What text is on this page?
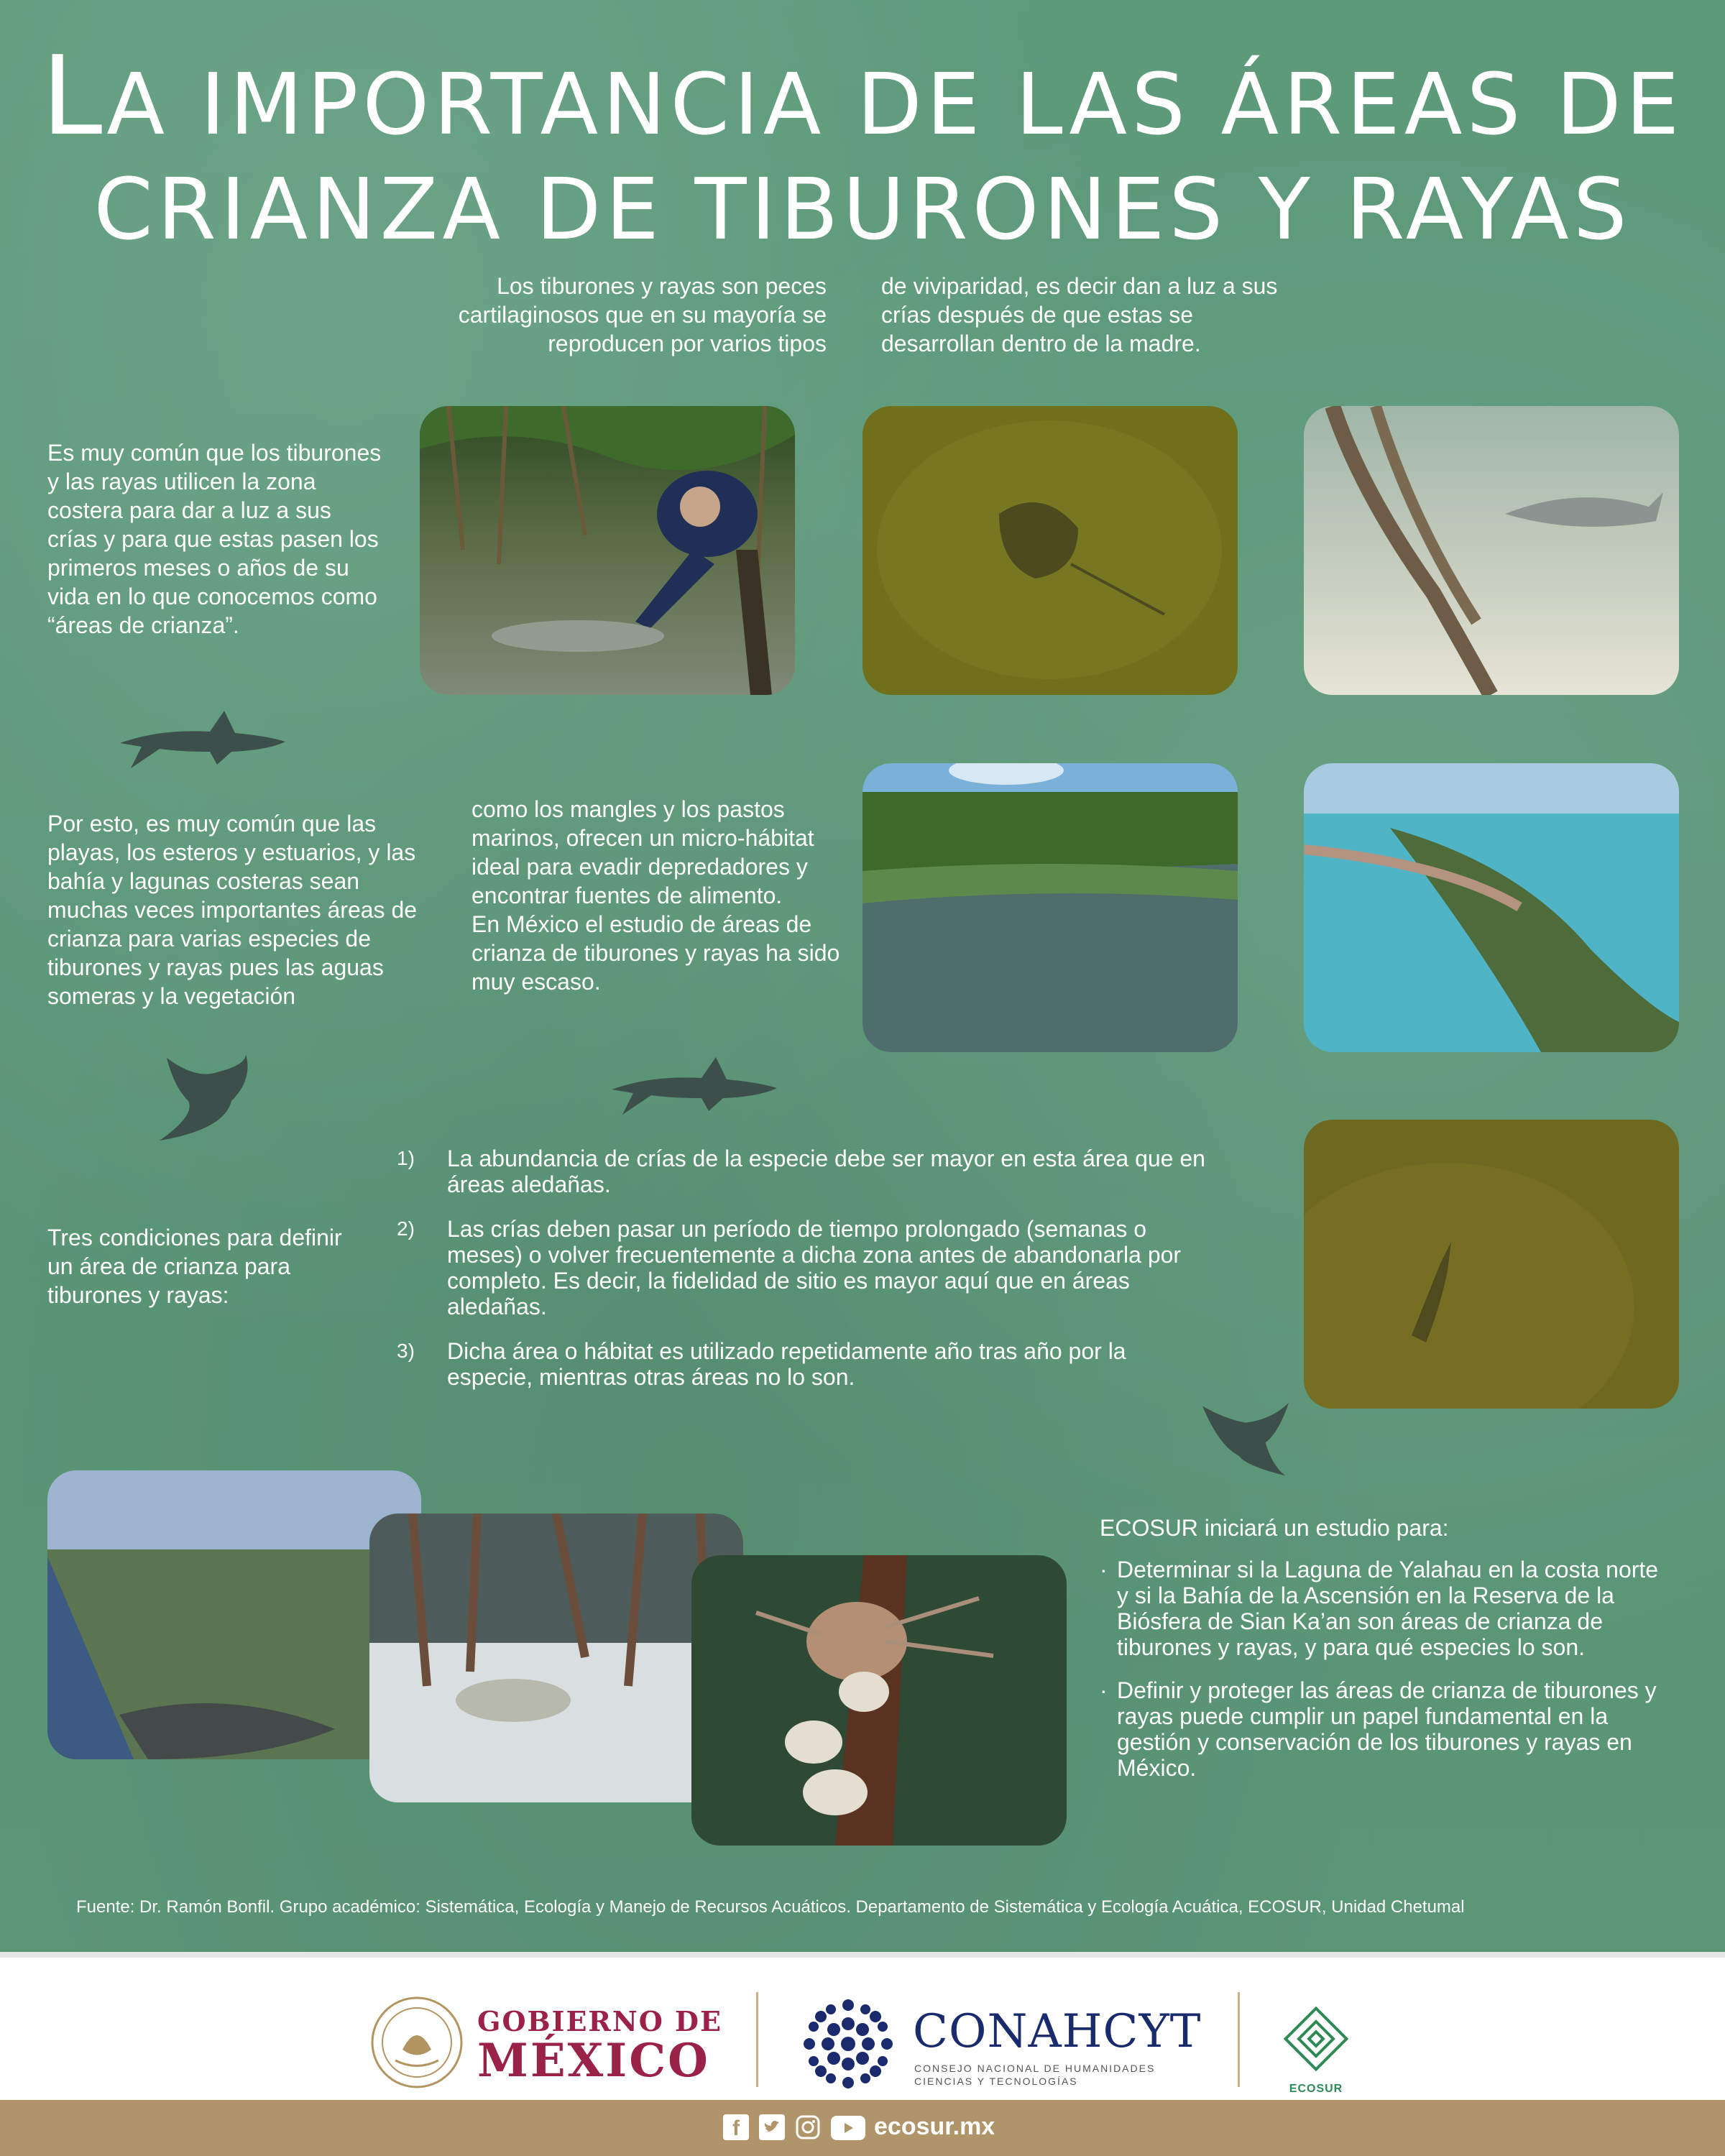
LA IMPORTANCIA DE LAS ÁREAS DE
CRIANZA DE TIBURONES Y RAYAS

Los tiburones y rayas son peces cartilaginosos que en su mayoría se reproducen por varios tipos

de viviparidad, es decir dan a luz a sus crías después de que estas se desarrollan dentro de la madre.

Es muy común que los tiburones y las rayas utilicen la zona costera para dar a luz a sus crías y para que estas pasen los primeros meses o años de su vida en lo que conocemos como “áreas de crianza”.

Por esto, es muy común que las playas, los esteros y estuarios, y las bahía y lagunas costeras sean muchas veces importantes áreas de crianza para varias especies de tiburones y rayas pues las aguas someras y la vegetación

como los mangles y los pastos marinos, ofrecen un micro-hábitat ideal para evadir depredadores y encontrar fuentes de alimento.

En México el estudio de áreas de crianza de tiburones y rayas ha sido muy escaso.

Tres condiciones para definir un área de crianza para tiburones y rayas:

1) La abundancia de crías de la especie debe ser mayor en esta área que en áreas aledañas.
2) Las crías deben pasar un período de tiempo prolongado (semanas o meses) o volver frecuentemente a dicha zona antes de abandonarla por completo. Es decir, la fidelidad de sitio es mayor aquí que en áreas aledañas.
3) Dicha área o hábitat es utilizado repetidamente año tras año por la especie, mientras otras áreas no lo son.

ECOSUR iniciará un estudio para:

· Determinar si la Laguna de Yalahau en la costa norte y si la Bahía de la Ascensión en la Reserva de la Biósfera de Sian Ka’an son áreas de crianza de tiburones y rayas, y para qué especies lo son.
· Definir y proteger las áreas de crianza de tiburones y rayas puede cumplir un papel fundamental en la gestión y conservación de los tiburones y rayas en México.
Fuente: Dr. Ramón Bonfil. Grupo académico: Sistemática, Ecología y Manejo de Recursos Acuáticos. Departamento de Sistemática y Ecología Acuática, ECOSUR, Unidad Chetumal
GOBIERNO DE
MÉXICO
CONAHCYT
CONSEJO NACIONAL DE HUMANIDADES
CIENCIAS Y TECNOLOGÍAS
ECOSUR
f	ecosur.mx
